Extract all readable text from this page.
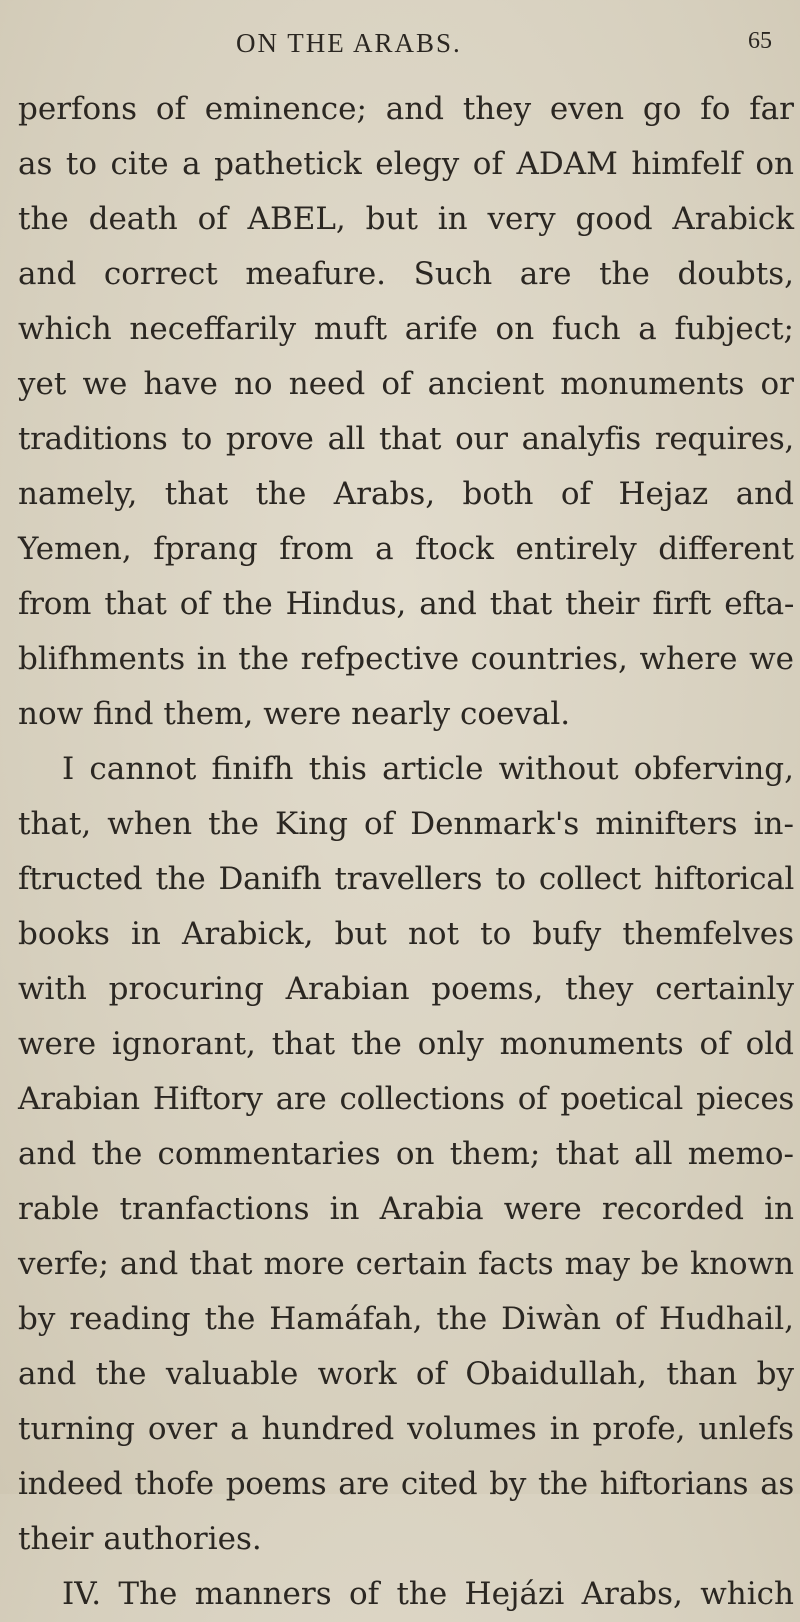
ON THE ARABS.	65
perfons of eminence; and they even go fo far
as to cite a pathetick elegy of ADAM himfelf on
the death of ABEL, but in very good Arabick
and correct meafure. Such are the doubts,
which neceffarily muft arife on fuch a fubject;
yet we have no need of ancient monuments or
traditions to prove all that our analyfis requires,
namely, that the Arabs, both of Hejaz and
Yemen, fprang from a ftock entirely different
from that of the Hindus, and that their firft efta-
blifhments in the refpective countries, where we
now find them, were nearly coeval.
I cannot finifh this article without obferving,
that, when the King of Denmark's minifters in-
ftructed the Danifh travellers to collect hiftorical
books in Arabick, but not to bufy themfelves
with procuring Arabian poems, they certainly
were ignorant, that the only monuments of old
Arabian Hiftory are collections of poetical pieces
and the commentaries on them; that all memo-
rable tranfactions in Arabia were recorded in
verfe; and that more certain facts may be known
by reading the Hamáfah, the Diwàn of Hudhail,
and the valuable work of Obaidullah, than by
turning over a hundred volumes in profe, unlefs
indeed thofe poems are cited by the hiftorians as
their authories.
IV. The manners of the Hejázi Arabs, which
